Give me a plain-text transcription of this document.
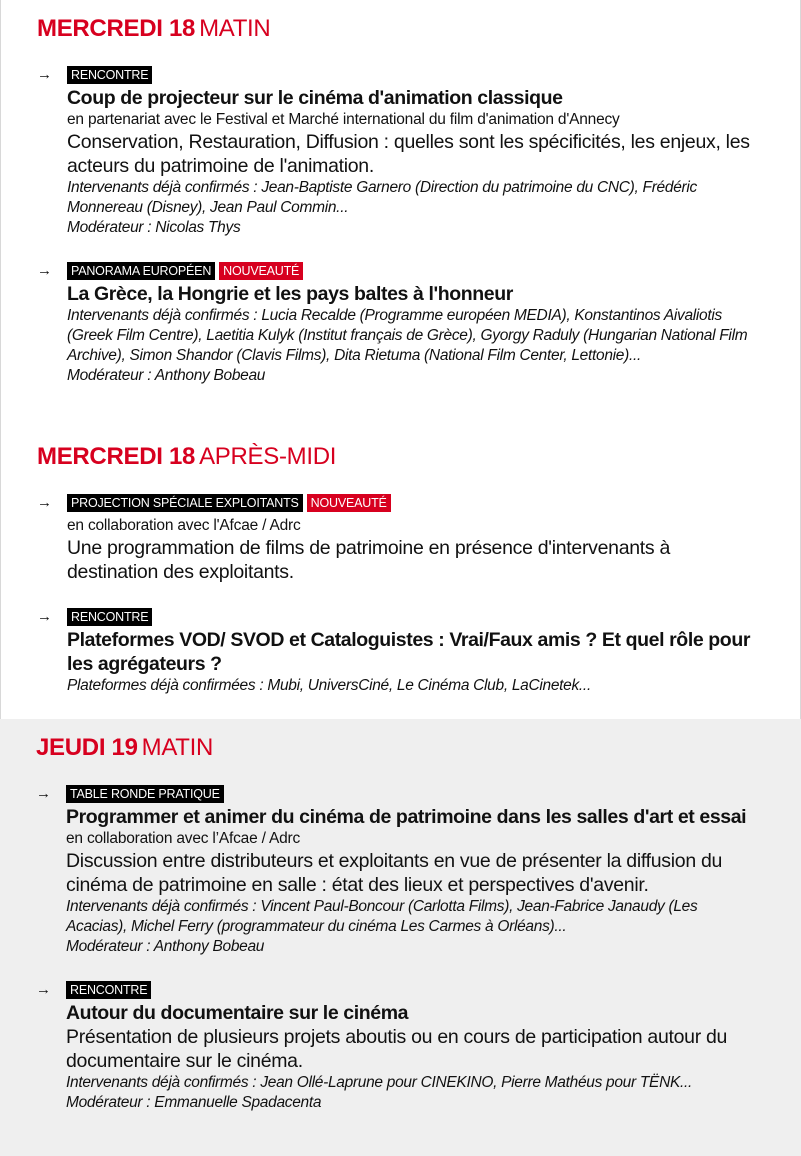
MERCREDI 18 MATIN
→	RENCONTRE
Coup de projecteur sur le cinéma d'animation classique
en partenariat avec le Festival et Marché international du film d'animation d'Annecy
Conservation, Restauration, Diffusion : quelles sont les spécificités, les enjeux, les acteurs du patrimoine de l'animation.
Intervenants déjà confirmés : Jean-Baptiste Garnero (Direction du patrimoine du CNC), Frédéric Monnereau (Disney), Jean Paul Commin...
Modérateur : Nicolas Thys
→	PANORAMA EUROPÉEN NOUVEAUTÉ
La Grèce, la Hongrie et les pays baltes à l'honneur
Intervenants déjà confirmés : Lucia Recalde (Programme européen MEDIA), Konstantinos Aivaliotis (Greek Film Centre), Laetitia Kulyk (Institut français de Grèce), Gyorgy Raduly (Hungarian National Film Archive), Simon Shandor (Clavis Films), Dita Rietuma (National Film Center, Lettonie)...
Modérateur : Anthony Bobeau
MERCREDI 18 APRÈS-MIDI
→	PROJECTION SPÉCIALE EXPLOITANTS NOUVEAUTÉ
en collaboration avec l'Afcae / Adrc
Une programmation de films de patrimoine en présence d'intervenants à destination des exploitants.
→	RENCONTRE
Plateformes VOD/ SVOD et Cataloguistes : Vrai/Faux amis ? Et quel rôle pour les agrégateurs ?
Plateformes déjà confirmées : Mubi, UniversCiné, Le Cinéma Club, LaCinetek...
JEUDI 19 MATIN
→	TABLE RONDE PRATIQUE
Programmer et animer du cinéma de patrimoine dans les salles d'art et essai
en collaboration avec l’Afcae / Adrc
Discussion entre distributeurs et exploitants en vue de présenter la diffusion du cinéma de patrimoine en salle : état des lieux et perspectives d'avenir.
Intervenants déjà confirmés : Vincent Paul-Boncour (Carlotta Films), Jean-Fabrice Janaudy (Les Acacias), Michel Ferry (programmateur du cinéma Les Carmes à Orléans)...
Modérateur : Anthony Bobeau
→	RENCONTRE
Autour du documentaire sur le cinéma
Présentation de plusieurs projets aboutis ou en cours de participation autour du documentaire sur le cinéma.
Intervenants déjà confirmés : Jean Ollé-Laprune pour CINEKINO, Pierre Mathéus pour TËNK...
Modérateur : Emmanuelle Spadacenta
